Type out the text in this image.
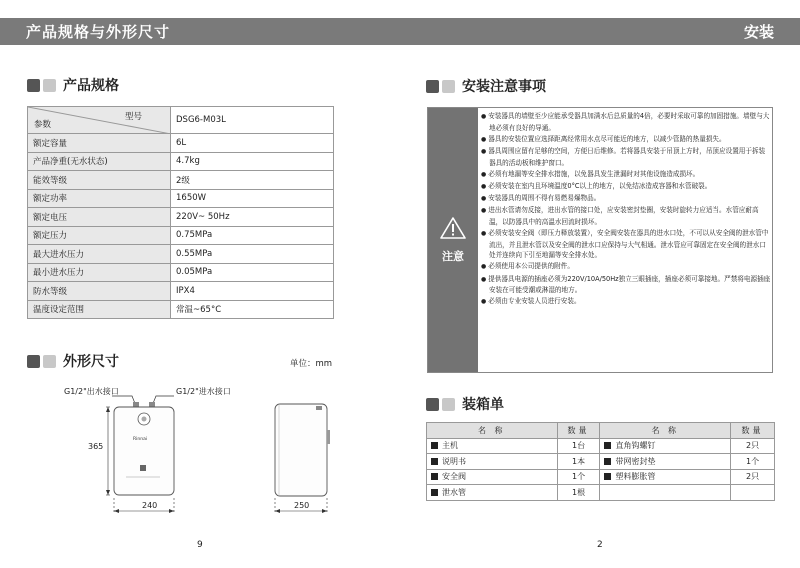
产品规格与外形尺寸	安装
产品规格
型号
参数	DSG6-M03L
额定容量	6L
产品净重(无水状态)	4.7kg
能效等级	2级
额定功率	1650W
额定电压	220V~ 50Hz
额定压力	0.75MPa
最大进水压力	0.55MPa
最小进水压力	0.05MPa
防水等级	IPX4
温度设定范围	常温~65°C
外形尺寸	单位：mm
G1/2"出水接口	G1/2"进水接口
365
240	250
Rinnai
9
安装注意事项
注意

● 安装器具的墙壁至少应能承受器具加满水后总质量的4倍，必要时采取可靠的加固措施。墙壁与大地必须有良好的导通。

● 器具的安装位置应选择距离经常用水点尽可能近的地方，以减少管路的热量损失。

● 器具周围应留有足够的空间，方便日后维修。若将器具安装于吊顶上方时，吊顶应设置用于拆装器具的活动板和维护窗口。

● 必须有地漏等安全排水措施，以免器具发生泄漏时对其他设施造成损坏。

● 必须安装在室内且环境温度0°C以上的地方，以免结冰造成容器和水管破裂。

● 安装器具的周围不得有易燃易爆物品。

● 进出水管请勿反接，进出水管的接口处，应安装密封垫圈，安装时旋转力应适当。水管应耐高温，以防器具中的高温水回流时损坏。

● 必须安装安全阀（即压力释放装置），安全阀安装在器具的进水口处，不可以从安全阀的泄水管中流出，并且泄水管以及安全阀的泄水口应保持与大气相通。泄水管应可靠固定在安全阀的泄水口处并连续向下引至地漏等安全排水处。

● 必须使用本公司提供的附件。

● 提供器具电源的插座必须为220V/10A/50Hz独立三眼插座，插座必须可靠接地。严禁将电源插座安装在可能受潮或淋湿的地方。

● 必须由专业安装人员进行安装。

装箱单
名 称	数量	名 称	数量
主机	1台	直角钩螺钉	2只
说明书	1本	带网密封垫	1个
安全阀	1个	塑料膨胀管	2只
泄水管	1根		
2
